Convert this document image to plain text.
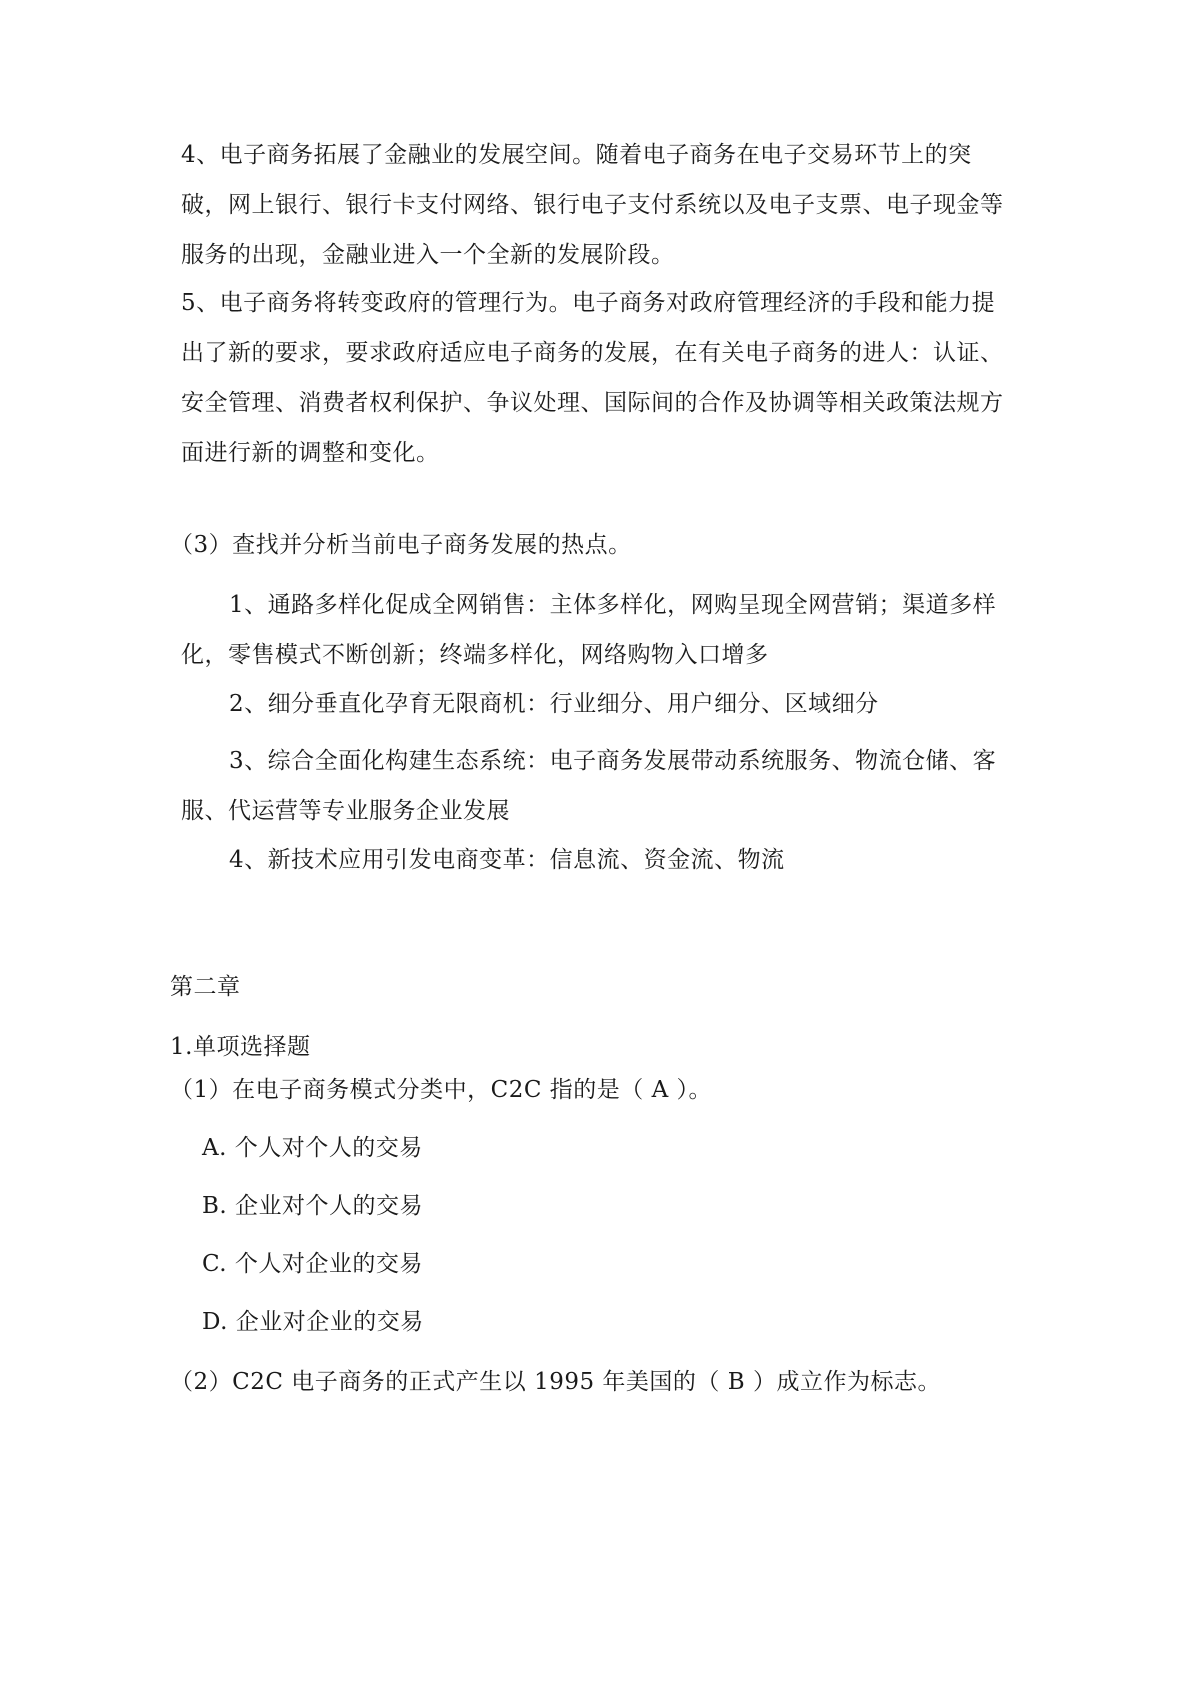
4、电子商务拓展了金融业的发展空间。随着电子商务在电子交易环节上的突破，网上银行、银行卡支付网络、银行电子支付系统以及电子支票、电子现金等服务的出现，金融业进入一个全新的发展阶段。

5、电子商务将转变政府的管理行为。电子商务对政府管理经济的手段和能力提出了新的要求，要求政府适应电子商务的发展，在有关电子商务的进人：认证、安全管理、消费者权利保护、争议处理、国际间的合作及协调等相关政策法规方面进行新的调整和变化。

（3）查找并分析当前电子商务发展的热点。

1、通路多样化促成全网销售：主体多样化，网购呈现全网营销；渠道多样化，零售模式不断创新；终端多样化，网络购物入口增多

2、细分垂直化孕育无限商机：行业细分、用户细分、区域细分

3、综合全面化构建生态系统：电子商务发展带动系统服务、物流仓储、客服、代运营等专业服务企业发展

4、新技术应用引发电商变革：信息流、资金流、物流

第二章

1.单项选择题

（1）在电子商务模式分类中，C2C 指的是（ A ）。

A. 个人对个人的交易

B. 企业对个人的交易

C. 个人对企业的交易

D. 企业对企业的交易

（2）C2C 电子商务的正式产生以 1995 年美国的（ B ）成立作为标志。
